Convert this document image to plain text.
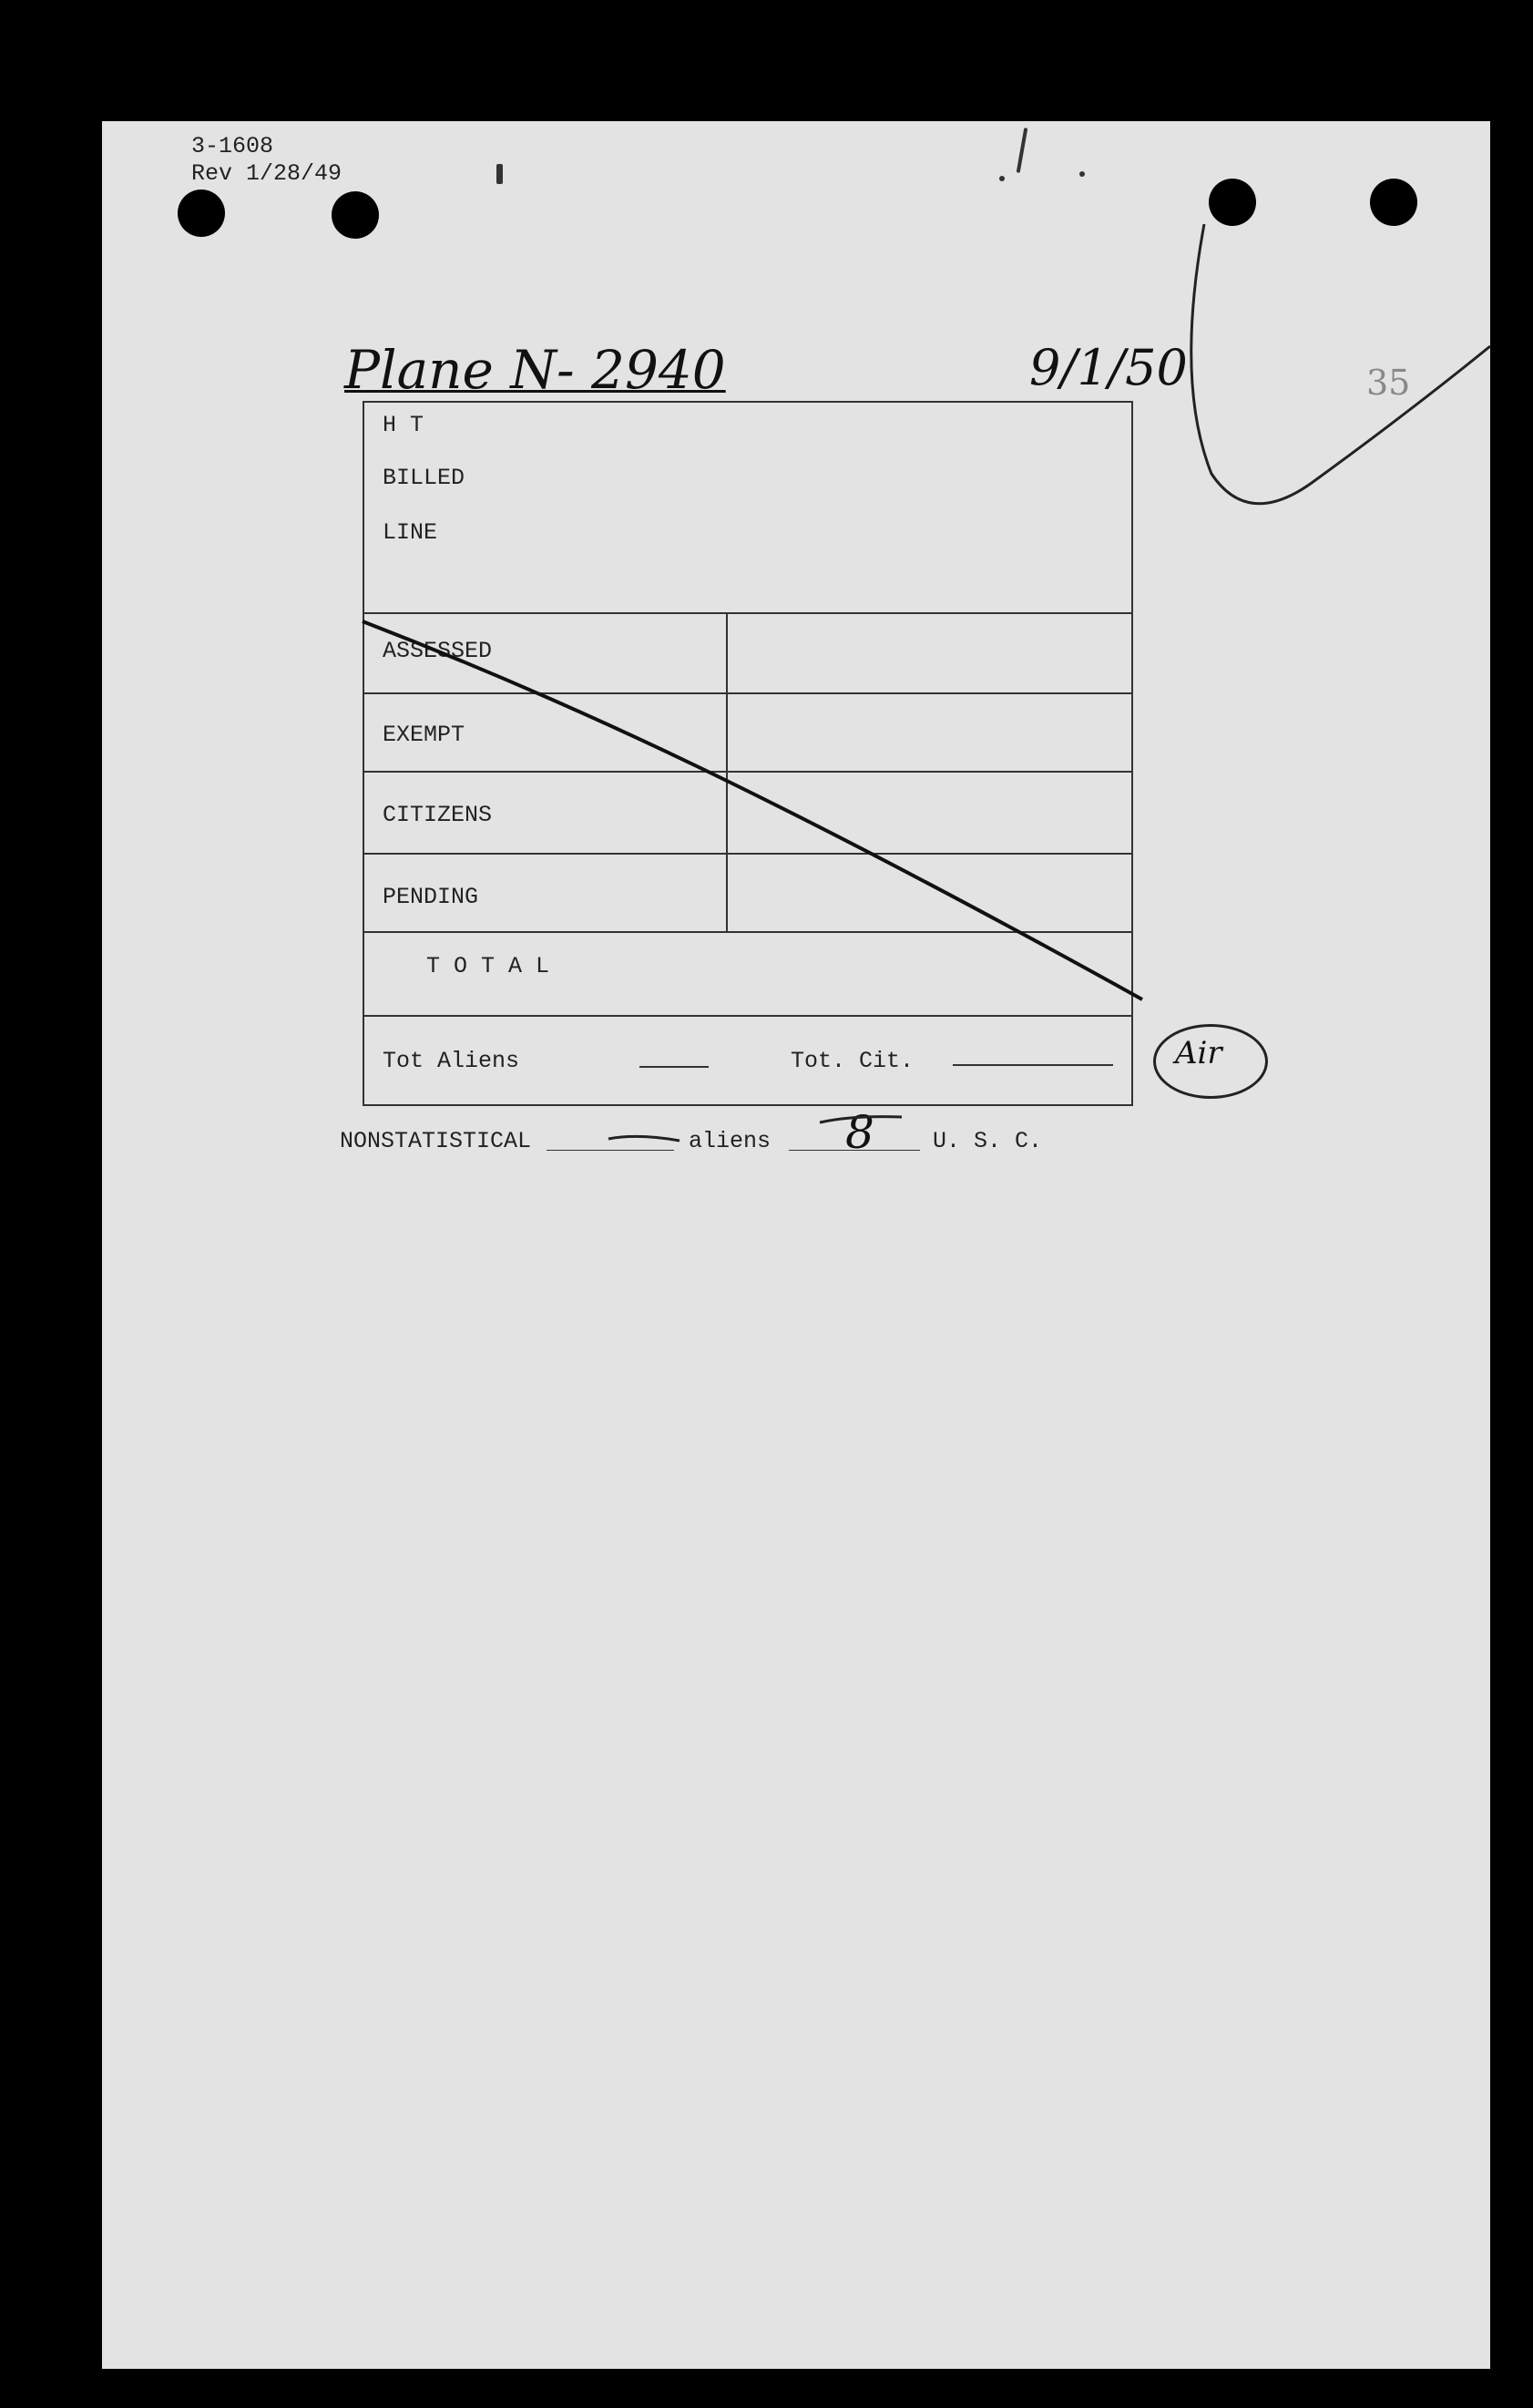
3-1608
Rev 1/28/49
35
Plane N- 2940	9/1/50
H T
BILLED
LINE
ASSESSED
EXEMPT
CITIZENS
PENDING
T O T A L
Tot Aliens	Tot. Cit.
NONSTATISTICAL	aliens 8	U. S. C.
Air
